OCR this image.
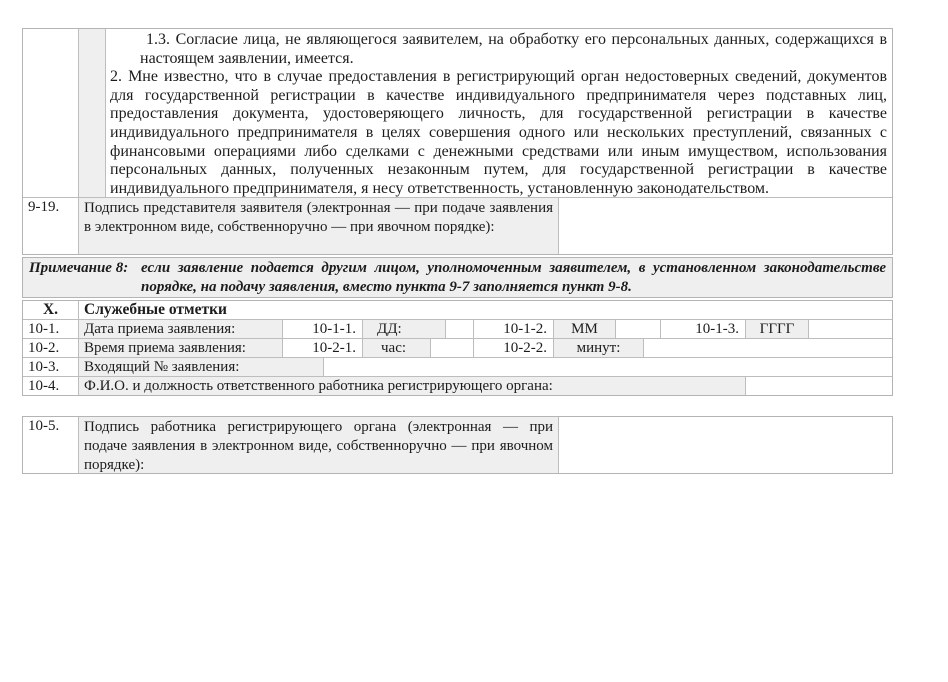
1.3. Согласие лица, не являющегося заявителем, на обработку его персональных данных, содержащихся в настоящем заявлении, имеется.

2. Мне известно, что в случае предоставления в регистрирующий орган недостоверных сведений, документов для государственной регистрации в качестве индивидуального предпринимателя через подставных лиц, предоставления документа, удостоверяющего личность, для государственной регистрации в качестве индивидуального предпринимателя в целях совершения одного или нескольких преступлений, связанных с финансовыми операциями либо сделками с денежными средствами или иным имуществом, использования персональных данных, полученных незаконным путем, для государственной регистрации в качестве индивидуального предпринимателя, я несу ответственность, установленную законодательством.

9-19.	Подпись представителя заявителя (электронная — при подаче заявления в электронном виде, собственноручно — при явочном порядке):
Примечание 8: если заявление подается другим лицом, уполномоченным заявителем, в установленном законодательстве порядке, на подачу заявления, вместо пункта 9-7 заполняется пункт 9-8.
X.	Служебные отметки
10-1.	Дата приема заявления:	10-1-1.	ДД:	10-1-2.	ММ	10-1-3.	ГГГГ
10-2.	Время приема заявления:	10-2-1.	час:	10-2-2.	минут:
10-3.	Входящий № заявления:
10-4.	Ф.И.О. и должность ответственного работника регистрирующего органа:
10-5.	Подпись работника регистрирующего органа (электронная — при подаче заявления в электронном виде, собственноручно — при явочном порядке):
